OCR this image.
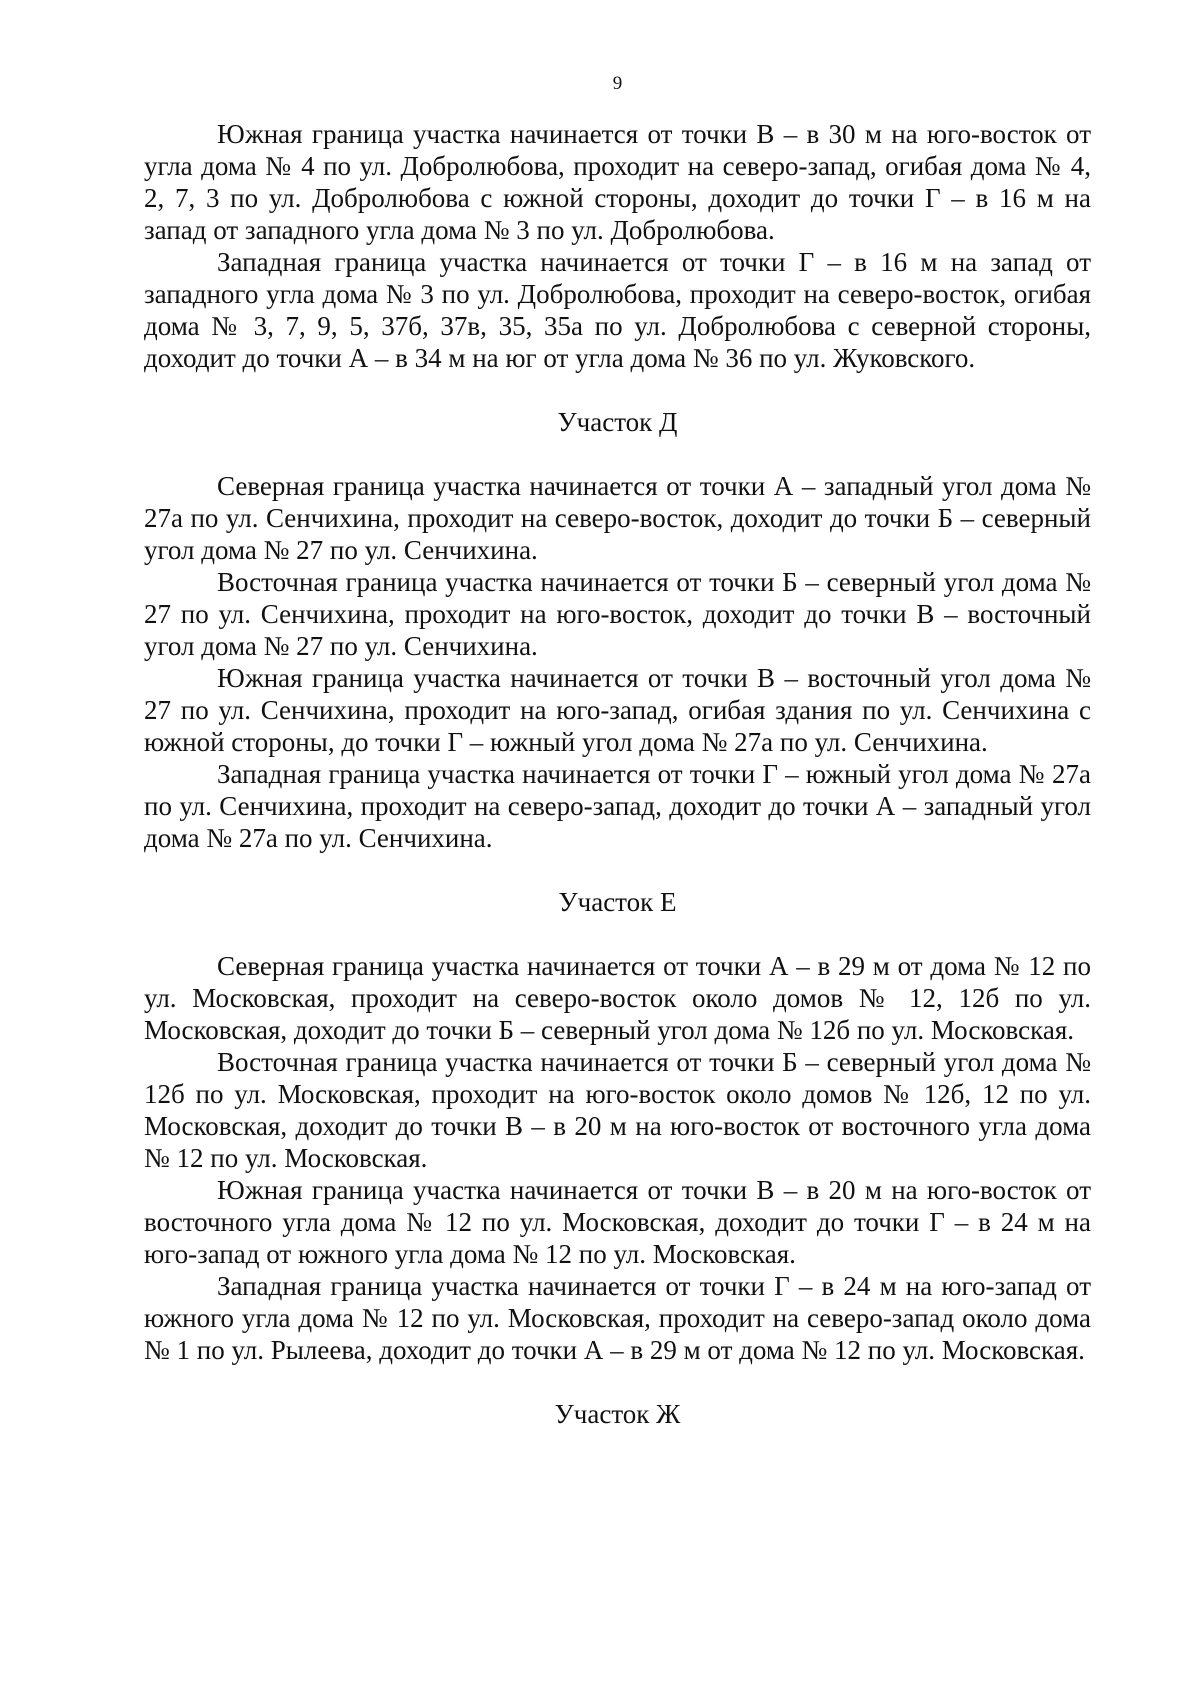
9

Южная граница участка начинается от точки В – в 30 м на юго-восток от угла дома № 4 по ул. Добролюбова, проходит на северо-запад, огибая дома № 4, 2, 7, 3 по ул. Добролюбова с южной стороны, доходит до точки Г – в 16 м на запад от западного угла дома № 3 по ул. Добролюбова.

Западная граница участка начинается от точки Г – в 16 м на запад от западного угла дома № 3 по ул. Добролюбова, проходит на северо-восток, огибая дома № 3, 7, 9, 5, 37б, 37в, 35, 35а по ул. Добролюбова с северной стороны, доходит до точки А – в 34 м на юг от угла дома № 36 по ул. Жуковского.

Участок Д

Северная граница участка начинается от точки А – западный угол дома № 27а по ул. Сенчихина, проходит на северо-восток, доходит до точки Б – северный угол дома № 27 по ул. Сенчихина.

Восточная граница участка начинается от точки Б – северный угол дома № 27 по ул. Сенчихина, проходит на юго-восток, доходит до точки В – восточный угол дома № 27 по ул. Сенчихина.

Южная граница участка начинается от точки В – восточный угол дома № 27 по ул. Сенчихина, проходит на юго-запад, огибая здания по ул. Сенчихина с южной стороны, до точки Г – южный угол дома № 27а по ул. Сенчихина.

Западная граница участка начинается от точки Г – южный угол дома № 27а по ул. Сенчихина, проходит на северо-запад, доходит до точки А – западный угол дома № 27а по ул. Сенчихина.

Участок Е

Северная граница участка начинается от точки А – в 29 м от дома № 12 по ул. Московская, проходит на северо-восток около домов № 12, 12б по ул. Московская, доходит до точки Б – северный угол дома № 12б по ул. Московская.

Восточная граница участка начинается от точки Б – северный угол дома № 12б по ул. Московская, проходит на юго-восток около домов № 12б, 12 по ул. Московская, доходит до точки В – в 20 м на юго-восток от восточного угла дома № 12 по ул. Московская.

Южная граница участка начинается от точки В – в 20 м на юго-восток от восточного угла дома № 12 по ул. Московская, доходит до точки Г – в 24 м на юго-запад от южного угла дома № 12 по ул. Московская.

Западная граница участка начинается от точки Г – в 24 м на юго-запад от южного угла дома № 12 по ул. Московская, проходит на северо-запад около дома № 1 по ул. Рылеева, доходит до точки А – в 29 м от дома № 12 по ул. Московская.

Участок Ж
